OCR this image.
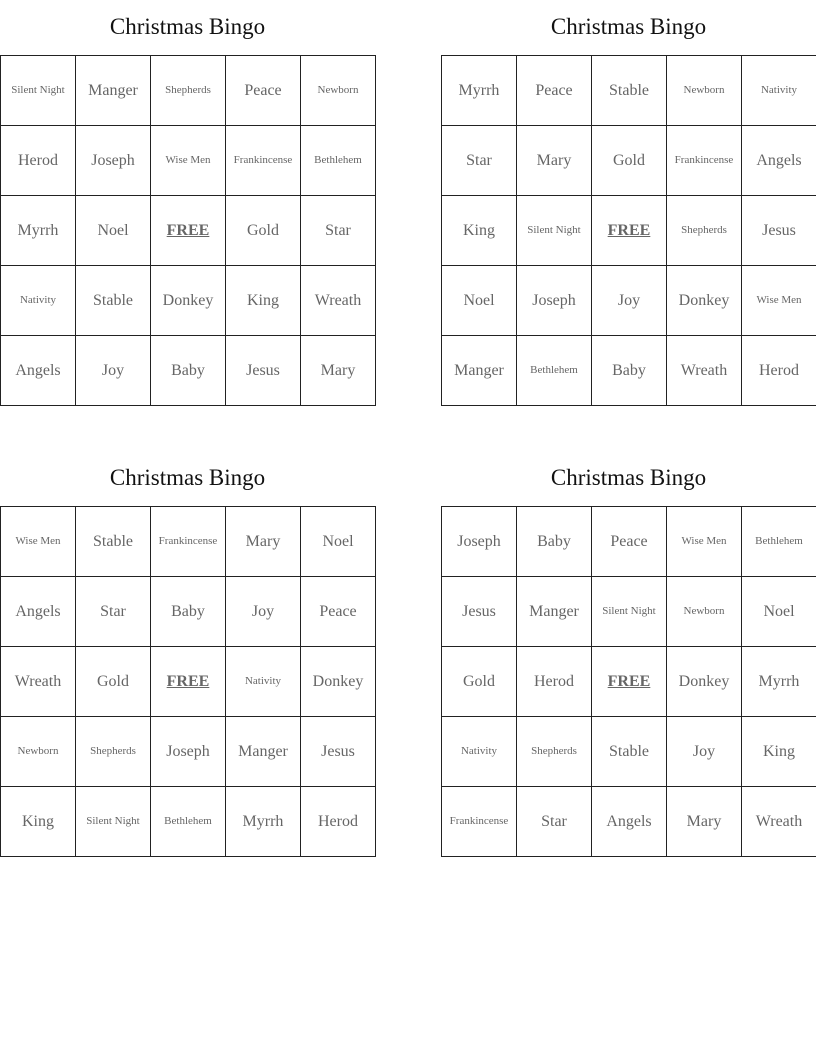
Christmas Bingo
Silent Night	Manger	Shepherds	Peace	Newborn
Herod	Joseph	Wise Men	Frankincense	Bethlehem
Myrrh	Noel	FREE	Gold	Star
Nativity	Stable	Donkey	King	Wreath
Angels	Joy	Baby	Jesus	Mary
Christmas Bingo
Myrrh	Peace	Stable	Newborn	Nativity
Star	Mary	Gold	Frankincense	Angels
King	Silent Night	FREE	Shepherds	Jesus
Noel	Joseph	Joy	Donkey	Wise Men
Manger	Bethlehem	Baby	Wreath	Herod
Christmas Bingo
Wise Men	Stable	Frankincense	Mary	Noel
Angels	Star	Baby	Joy	Peace
Wreath	Gold	FREE	Nativity	Donkey
Newborn	Shepherds	Joseph	Manger	Jesus
King	Silent Night	Bethlehem	Myrrh	Herod
Christmas Bingo
Joseph	Baby	Peace	Wise Men	Bethlehem
Jesus	Manger	Silent Night	Newborn	Noel
Gold	Herod	FREE	Donkey	Myrrh
Nativity	Shepherds	Stable	Joy	King
Frankincense	Star	Angels	Mary	Wreath
